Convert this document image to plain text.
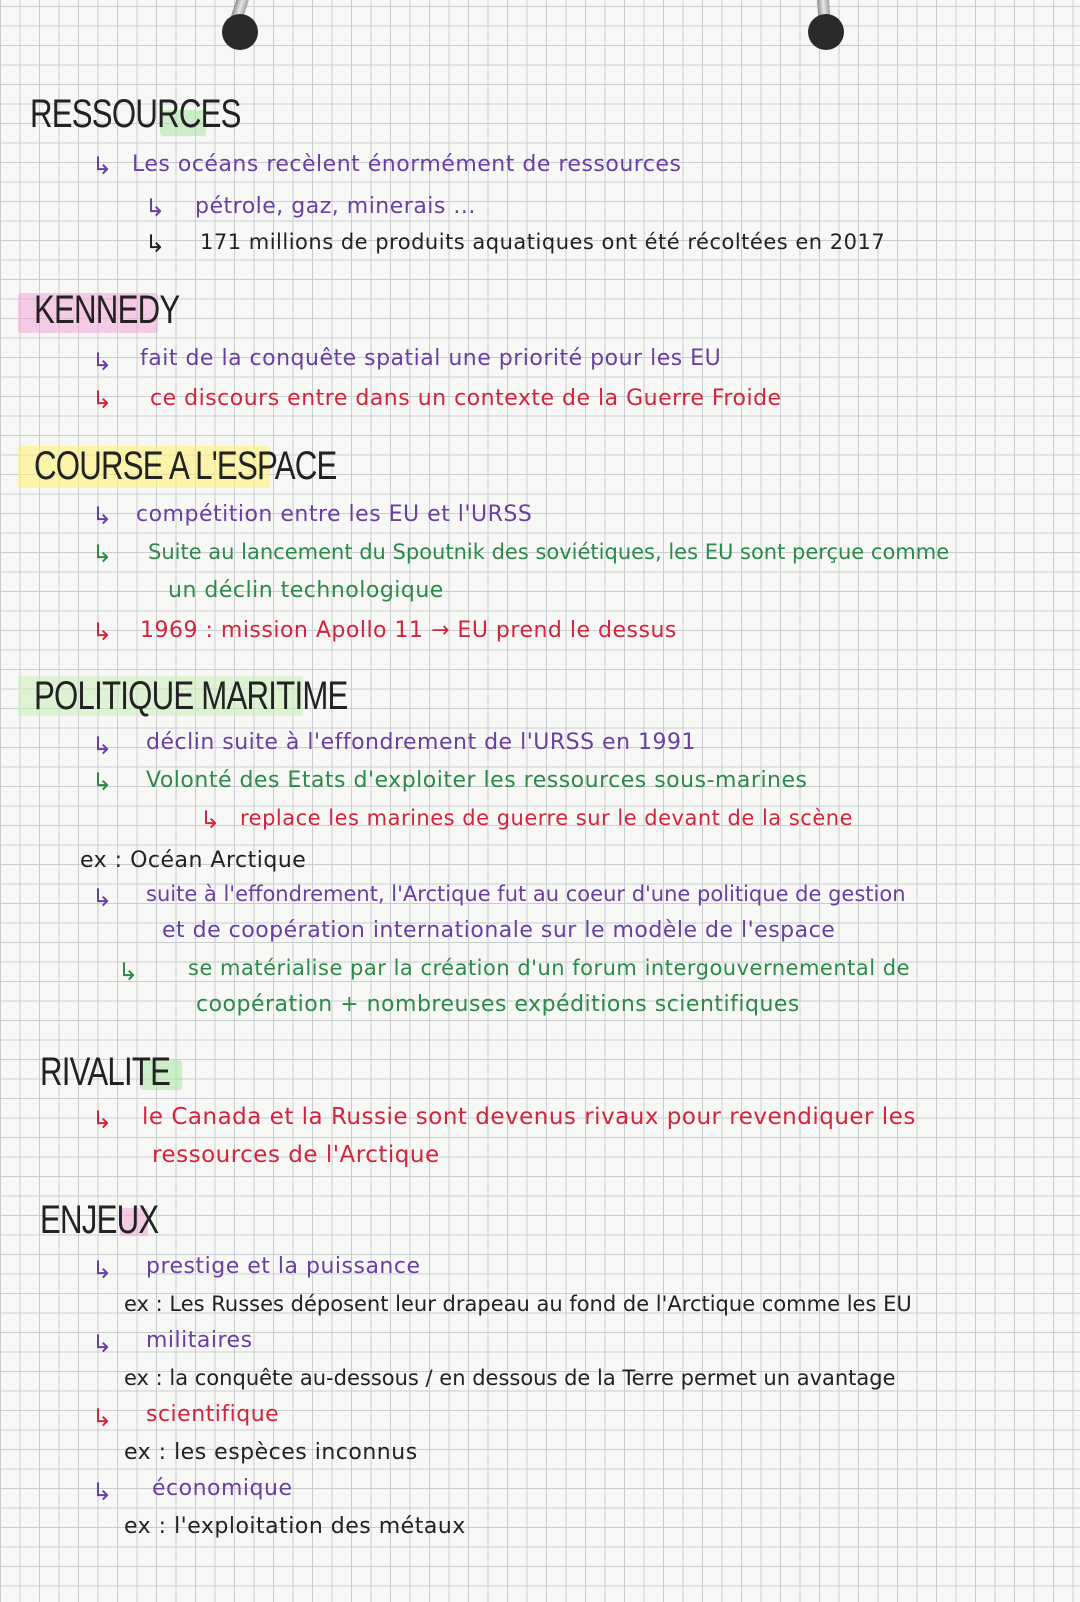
RESSOURCES
↳ Les océans recèlent énormément de ressources
↳ pétrole, gaz, minerais ...
↳ 171 millions de produits aquatiques ont été récoltées en 2017
KENNEDY
↳ fait de la conquête spatial une priorité pour les EU
↳ ce discours entre dans un contexte de la Guerre Froide
COURSE A L'ESPACE
↳ compétition entre les EU et l'URSS
↳ Suite au lancement du Spoutnik des soviétiques, les EU sont perçue comme
un déclin technologique
↳ 1969 : mission Apollo 11 → EU prend le dessus
POLITIQUE MARITIME
↳ déclin suite à l'effondrement de l'URSS en 1991
↳ Volonté des Etats d'exploiter les ressources sous-marines
↳ replace les marines de guerre sur le devant de la scène
ex : Océan Arctique
↳ suite à l'effondrement, l'Arctique fut au coeur d'une politique de gestion
et de coopération internationale sur le modèle de l'espace
↳ se matérialise par la création d'un forum intergouvernemental de
coopération + nombreuses expéditions scientifiques
RIVALITE
↳ le Canada et la Russie sont devenus rivaux pour revendiquer les
ressources de l'Arctique
ENJEUX
↳ prestige et la puissance
ex : Les Russes déposent leur drapeau au fond de l'Arctique comme les EU
↳ militaires
ex : la conquête au-dessous / en dessous de la Terre permet un avantage
↳ scientifique
ex : les espèces inconnus
↳ économique
ex : l'exploitation des métaux
